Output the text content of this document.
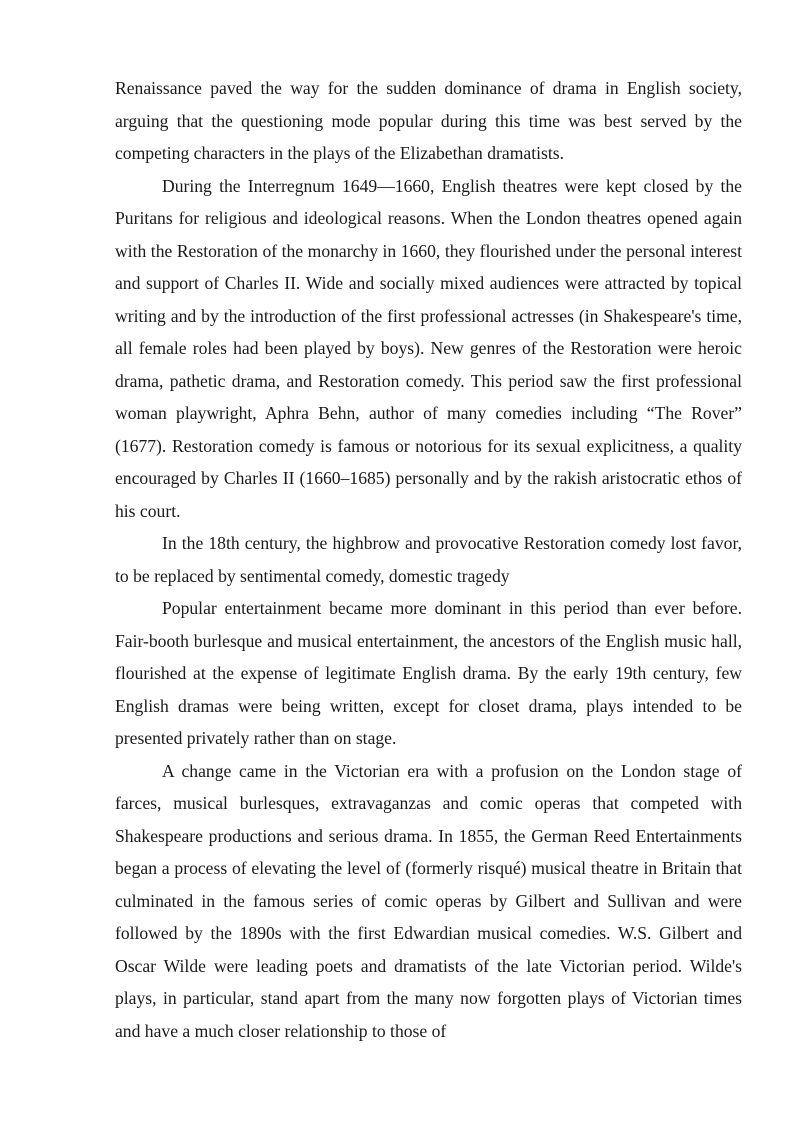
Renaissance paved the way for the sudden dominance of drama in English society, arguing that the questioning mode popular during this time was best served by the competing characters in the plays of the Elizabethan dramatists.

During the Interregnum 1649—1660, English theatres were kept closed by the Puritans for religious and ideological reasons. When the London theatres opened again with the Restoration of the monarchy in 1660, they flourished under the personal interest and support of Charles II. Wide and socially mixed audiences were attracted by topical writing and by the introduction of the first professional actresses (in Shakespeare's time, all female roles had been played by boys). New genres of the Restoration were heroic drama, pathetic drama, and Restoration comedy. This period saw the first professional woman playwright, Aphra Behn, author of many comedies including “The Rover” (1677). Restoration comedy is famous or notorious for its sexual explicitness, a quality encouraged by Charles II (1660–1685) personally and by the rakish aristocratic ethos of his court.

In the 18th century, the highbrow and provocative Restoration comedy lost favor, to be replaced by sentimental comedy, domestic tragedy

Popular entertainment became more dominant in this period than ever before. Fair-booth burlesque and musical entertainment, the ancestors of the English music hall, flourished at the expense of legitimate English drama. By the early 19th century, few English dramas were being written, except for closet drama, plays intended to be presented privately rather than on stage.

A change came in the Victorian era with a profusion on the London stage of farces, musical burlesques, extravaganzas and comic operas that competed with Shakespeare productions and serious drama. In 1855, the German Reed Entertainments began a process of elevating the level of (formerly risqué) musical theatre in Britain that culminated in the famous series of comic operas by Gilbert and Sullivan and were followed by the 1890s with the first Edwardian musical comedies. W.S. Gilbert and Oscar Wilde were leading poets and dramatists of the late Victorian period. Wilde's plays, in particular, stand apart from the many now forgotten plays of Victorian times and have a much closer relationship to those of
